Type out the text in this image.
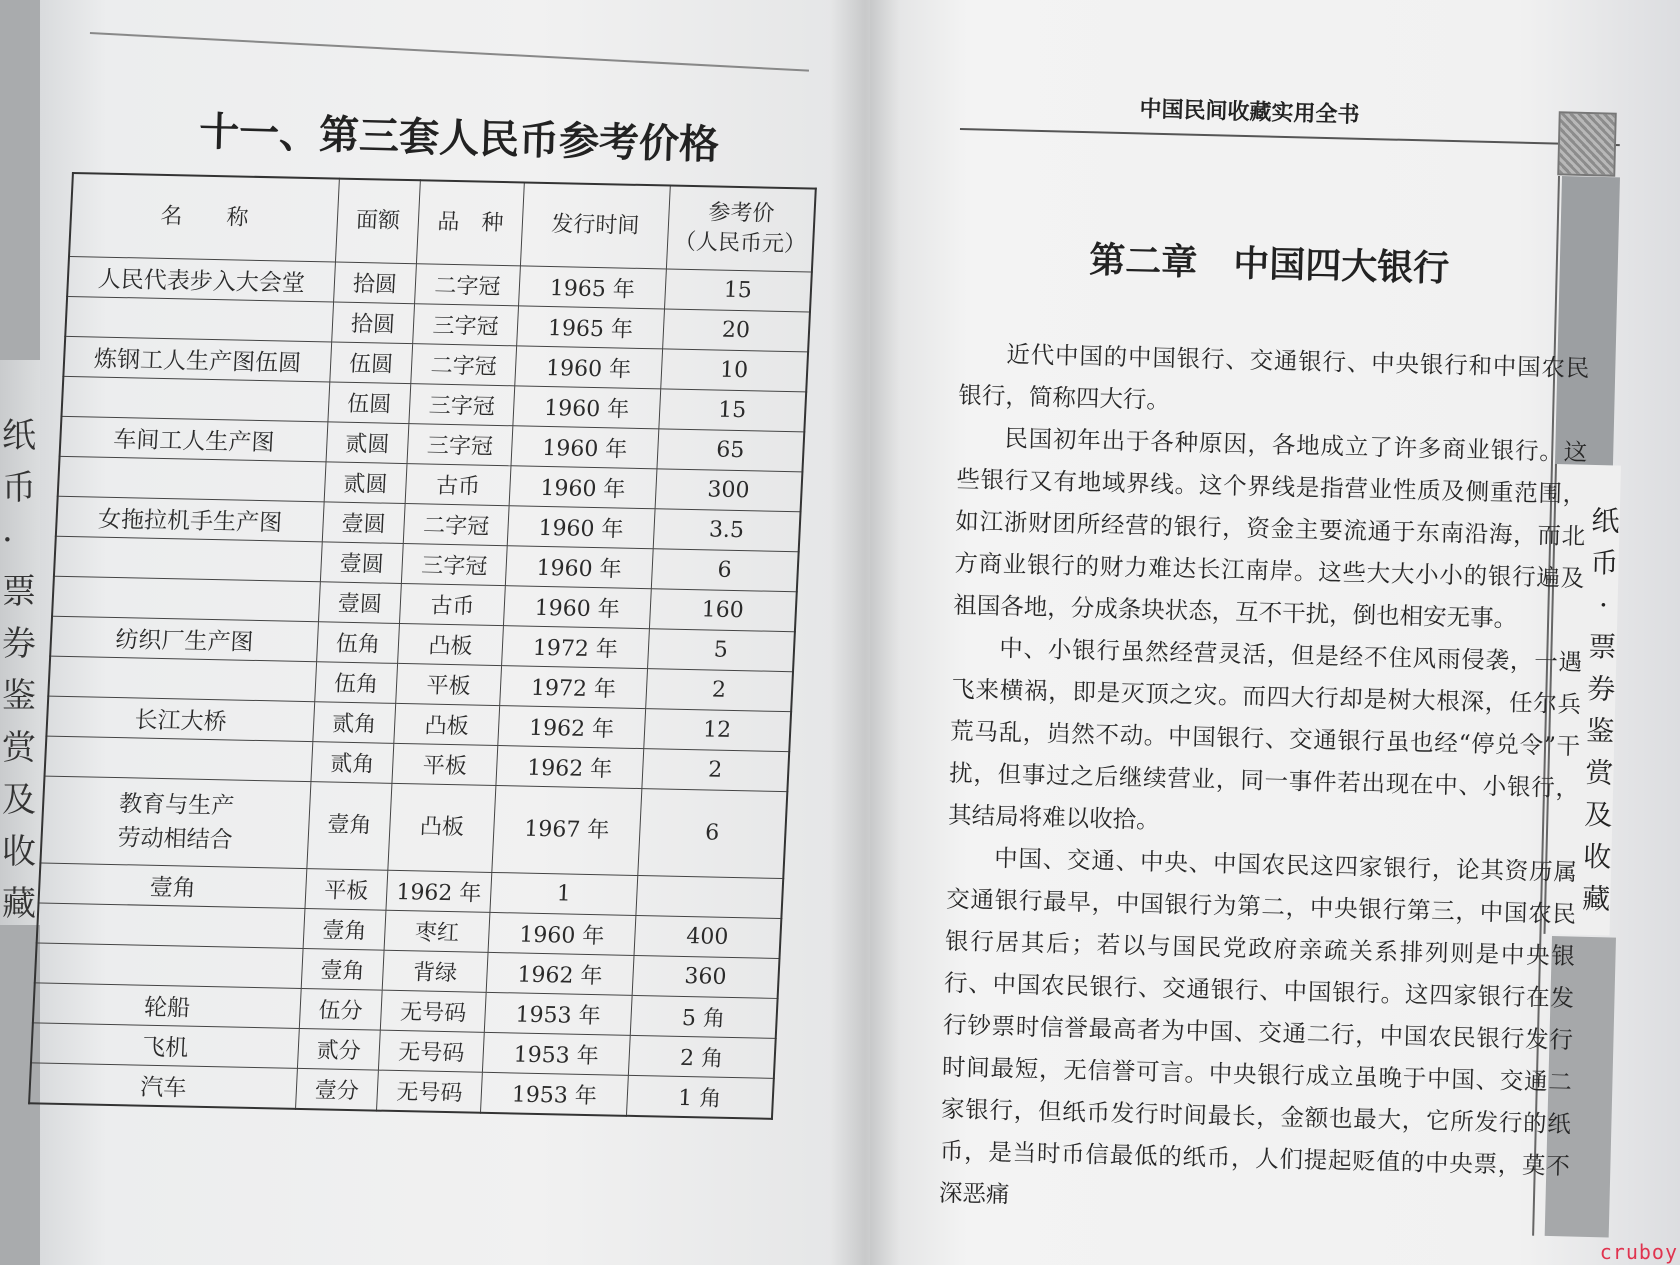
纸
币
·
票
券
鉴
赏
及
收
藏
十一、第三套人民币参考价格
名　　称	面额	品　种	发行时间	参考价
（人民币元）

人民代表步入大会堂	拾圆	二字冠	1965 年	15
	拾圆	三字冠	1965 年	20
炼钢工人生产图伍圆	伍圆	二字冠	1960 年	10
	伍圆	三字冠	1960 年	15
车间工人生产图	贰圆	三字冠	1960 年	65
	贰圆	古币	1960 年	300
女拖拉机手生产图	壹圆	二字冠	1960 年	3.5
	壹圆	三字冠	1960 年	6
	壹圆	古币	1960 年	160
纺织厂生产图	伍角	凸板	1972 年	5
	伍角	平板	1972 年	2
长江大桥	贰角	凸板	1962 年	12
	贰角	平板	1962 年	2

教育与生产
劳动相结合	壹角	凸板	1967 年	6
壹角	平板	1962 年	1	
	壹角	枣红	1960 年	400
	壹角	背绿	1962 年	360
轮船	伍分	无号码	1953 年	5 角
飞机	贰分	无号码	1953 年	2 角
汽车	壹分	无号码	1953 年	1 角
中国民间收藏实用全书
纸
币
·
票
券
鉴
赏
及
收
藏
第二章　中国四大银行

近代中国的中国银行、交通银行、中央银行和中国农民银行，简称四大行。

民国初年出于各种原因，各地成立了许多商业银行。这些银行又有地域界线。这个界线是指营业性质及侧重范围，如江浙财团所经营的银行，资金主要流通于东南沿海，而北方商业银行的财力难达长江南岸。这些大大小小的银行遍及祖国各地，分成条块状态，互不干扰，倒也相安无事。

中、小银行虽然经营灵活，但是经不住风雨侵袭，一遇飞来横祸，即是灭顶之灾。而四大行却是树大根深，任尔兵荒马乱，岿然不动。中国银行、交通银行虽也经“停兑令”干扰，但事过之后继续营业，同一事件若出现在中、小银行，其结局将难以收拾。

中国、交通、中央、中国农民这四家银行，论其资历属交通银行最早，中国银行为第二，中央银行第三，中国农民银行居其后；若以与国民党政府亲疏关系排列则是中央银行、中国农民银行、交通银行、中国银行。这四家银行在发行钞票时信誉最高者为中国、交通二行，中国农民银行发行时间最短，无信誉可言。中央银行成立虽晚于中国、交通二家银行，但纸币发行时间最长，金额也最大，它所发行的纸币，是当时币信最低的纸币，人们提起贬值的中央票，莫不深恶痛

cruboy
